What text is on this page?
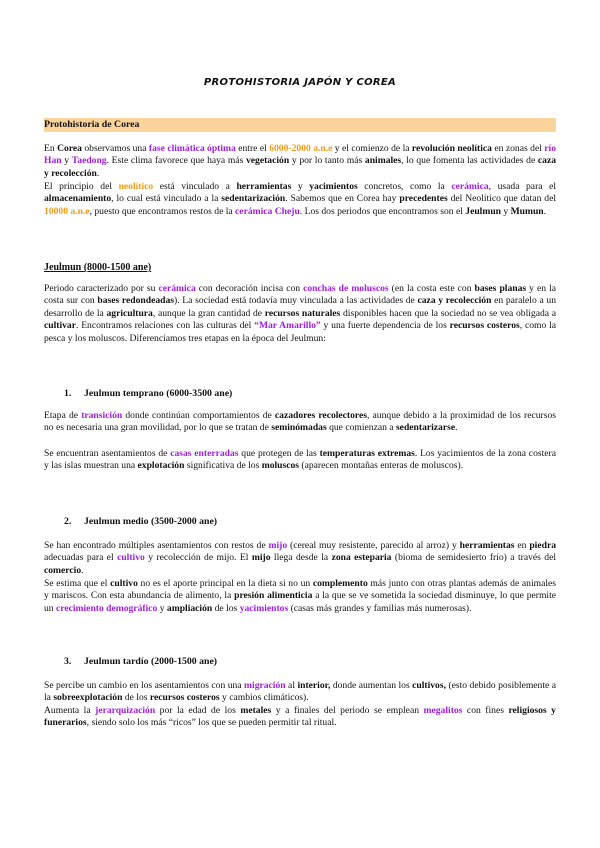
PROTOHISTORIA JAPÓN Y COREA
Protohistoria de Corea

En Corea observamos una fase climática óptima entre el 6000-2000 a.n.e y el comienzo de la revolución neolítica en zonas del río Han y Taedong. Este clima favorece que haya más vegetación y por lo tanto más animales, lo que fomenta las actividades de caza y recolección.

El principio del neolítico está vinculado a herramientas y yacimientos concretos, como la cerámica, usada para el almacenamiento, lo cual está vinculado a la sedentarización. Sabemos que en Corea hay precedentes del Neolítico que datan del 10000 a.n.e, puesto que encontramos restos de la cerámica Cheju. Los dos periodos que encontramos son el Jeulmun y Mumun.

Jeulmun (8000-1500 ane)

Periodo caracterizado por su cerámica con decoración incisa con conchas de moluscos (en la costa este con bases planas y en la costa sur con bases redondeadas). La sociedad está todavía muy vinculada a las actividades de caza y recolección en paralelo a un desarrollo de la agricultura, aunque la gran cantidad de recursos naturales disponibles hacen que la sociedad no se vea obligada a cultivar. Encontramos relaciones con las culturas del “Mar Amarillo” y una fuerte dependencia de los recursos costeros, como la pesca y los moluscos. Diferenciamos tres etapas en la época del Jeulmun:

1. Jeulmun temprano (6000-3500 ane)

Etapa de transición donde continúan comportamientos de cazadores recolectores, aunque debido a la proximidad de los recursos no es necesaria una gran movilidad, por lo que se tratan de seminómadas que comienzan a sedentarizarse.

Se encuentran asentamientos de casas enterradas que protegen de las temperaturas extremas. Los yacimientos de la zona costera y las islas muestran una explotación significativa de los moluscos (aparecen montañas enteras de moluscos).

2. Jeulmun medio (3500-2000 ane)

Se han encontrado múltiples asentamientos con restos de mijo (cereal muy resistente, parecido al arroz) y herramientas en piedra adecuadas para el cultivo y recolección de mijo. El mijo llega desde la zona esteparia (bioma de semidesierto frío) a través del comercio.

Se estima que el cultivo no es el aporte principal en la dieta si no un complemento más junto con otras plantas además de animales y mariscos. Con esta abundancia de alimento, la presión alimenticia a la que se ve sometida la sociedad disminuye, lo que permite un crecimiento demográfico y ampliación de los yacimientos (casas más grandes y familias más numerosas).

3. Jeulmun tardío (2000-1500 ane)

Se percibe un cambio en los asentamientos con una migración al interior, donde aumentan los cultivos, (esto debido posiblemente a la sobreexplotación de los recursos costeros y cambios climáticos).

Aumenta la jerarquización por la edad de los metales y a finales del periodo se emplean megalitos con fines religiosos y funerarios, siendo solo los más “ricos” los que se pueden permitir tal ritual.
